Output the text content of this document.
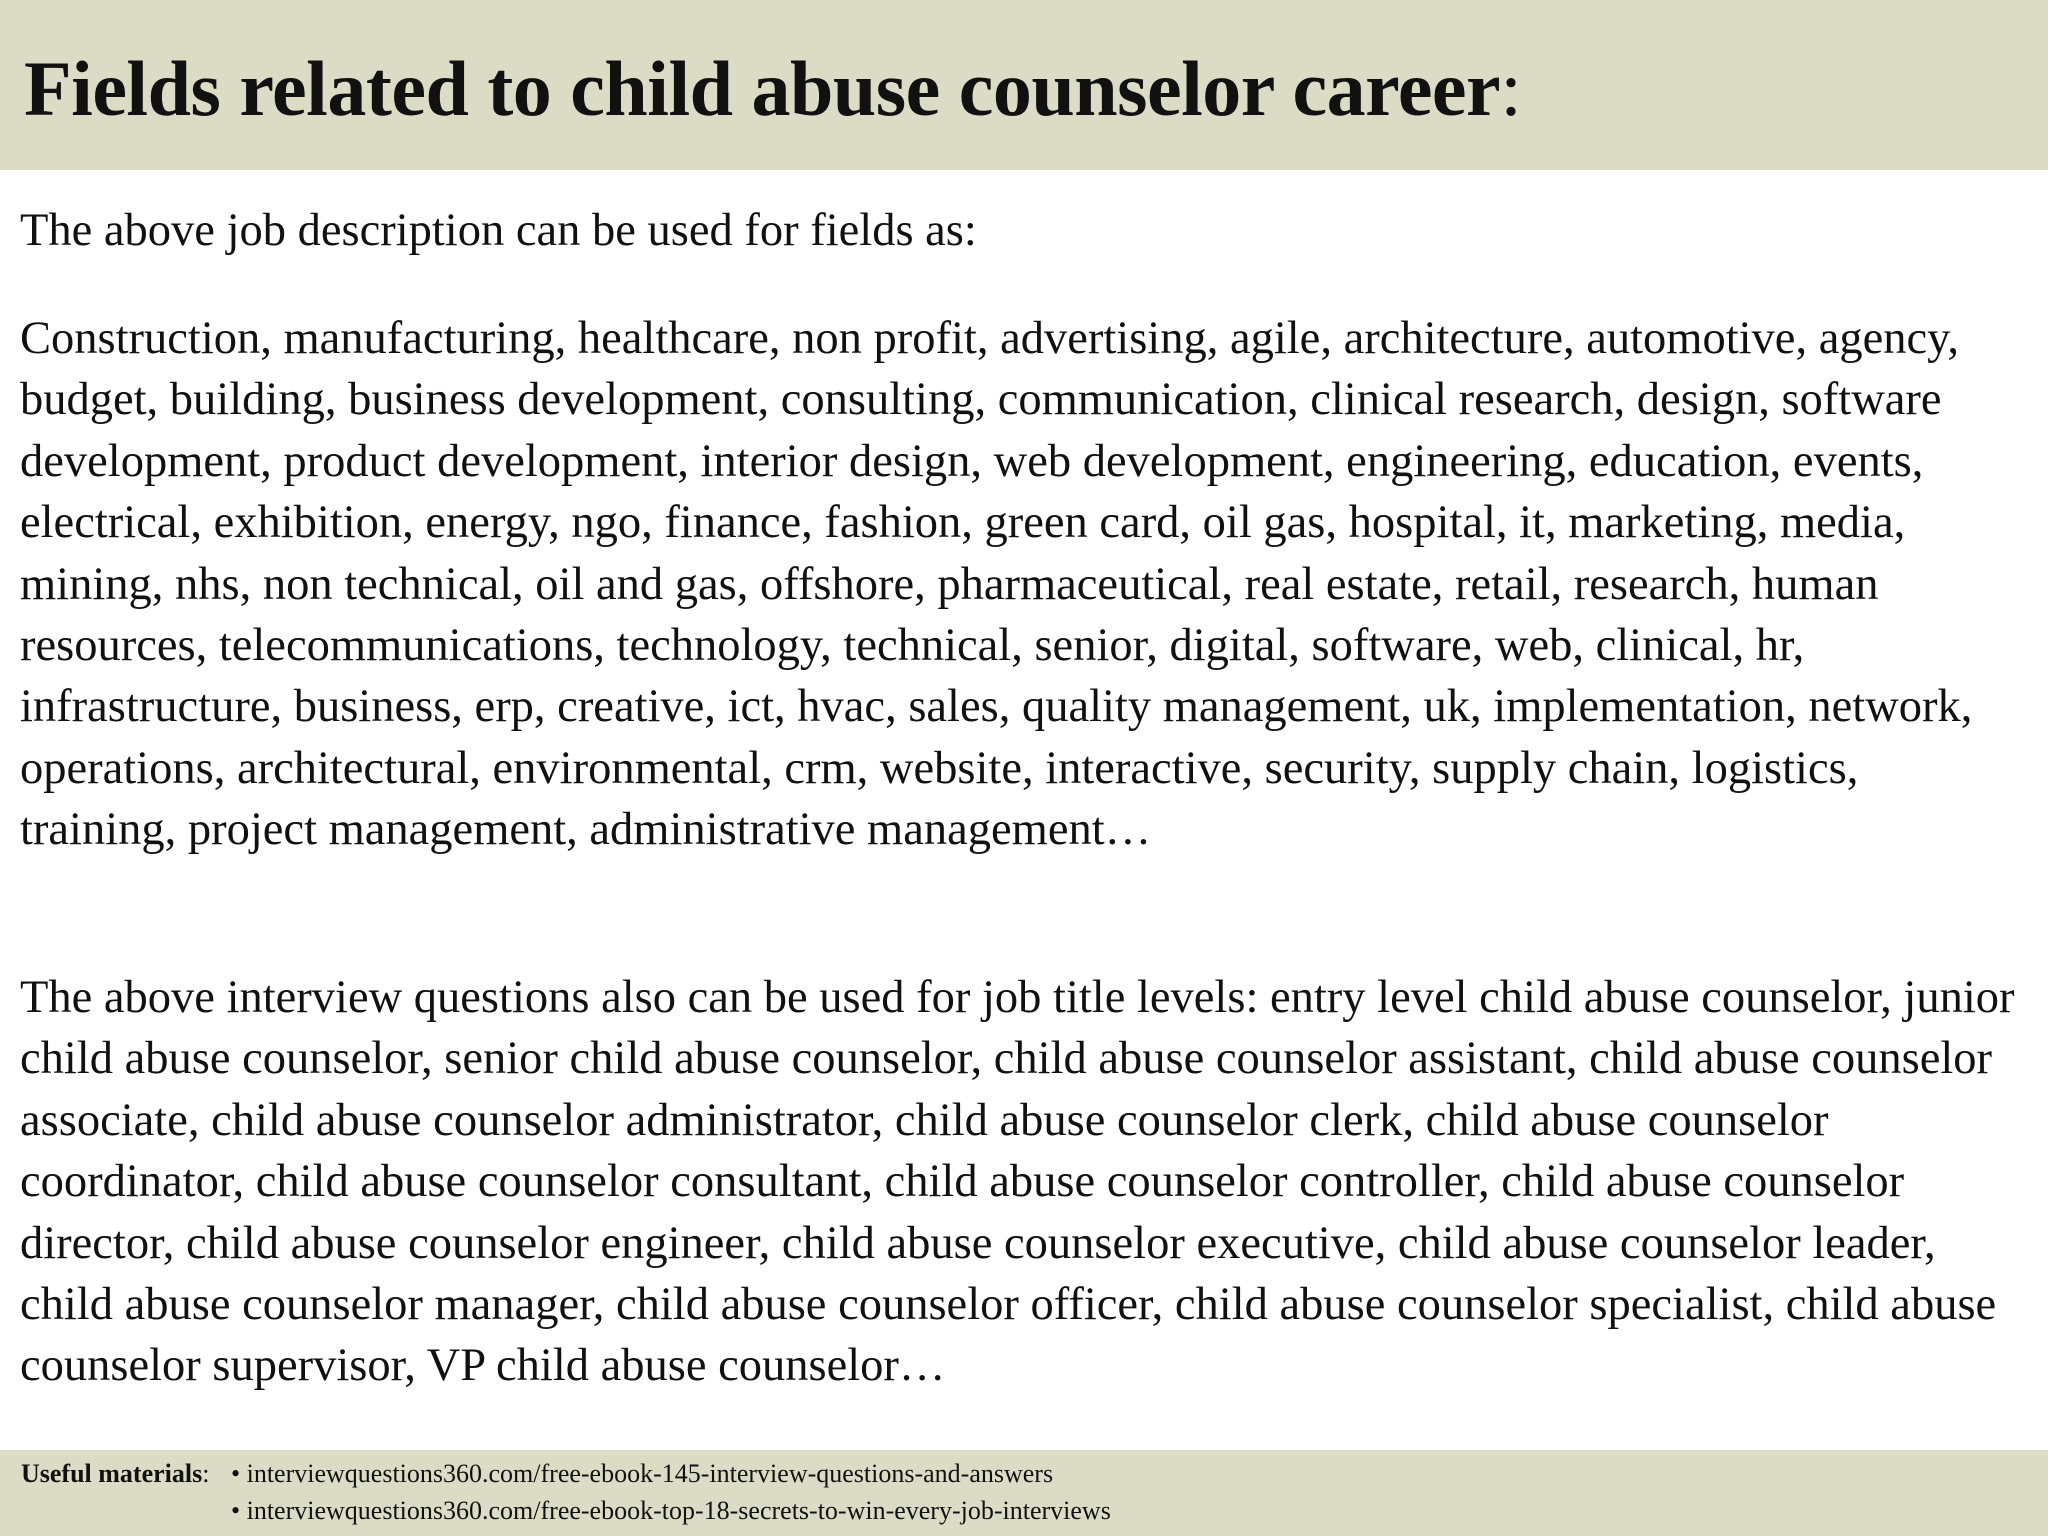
Fields related to child abuse counselor career:

The above job description can be used for fields as:

Construction, manufacturing, healthcare, non profit, advertising, agile, architecture, automotive, agency, budget, building, business development, consulting, communication, clinical research, design, software development, product development, interior design, web development, engineering, education, events, electrical, exhibition, energy, ngo, finance, fashion, green card, oil gas, hospital, it, marketing, media, mining, nhs, non technical, oil and gas, offshore, pharmaceutical, real estate, retail, research, human resources, telecommunications, technology, technical, senior, digital, software, web, clinical, hr, infrastructure, business, erp, creative, ict, hvac, sales, quality management, uk, implementation, network, operations, architectural, environmental, crm, website, interactive, security, supply chain, logistics, training, project management, administrative management…

The above interview questions also can be used for job title levels: entry level child abuse counselor, junior child abuse counselor, senior child abuse counselor, child abuse counselor assistant, child abuse counselor associate, child abuse counselor administrator, child abuse counselor clerk, child abuse counselor coordinator, child abuse counselor consultant, child abuse counselor controller, child abuse counselor director, child abuse counselor engineer, child abuse counselor executive, child abuse counselor leader, child abuse counselor manager, child abuse counselor officer, child abuse counselor specialist, child abuse counselor supervisor, VP child abuse counselor…

Useful materials: • interviewquestions360.com/free-ebook-145-interview-questions-and-answers
• interviewquestions360.com/free-ebook-top-18-secrets-to-win-every-job-interviews
